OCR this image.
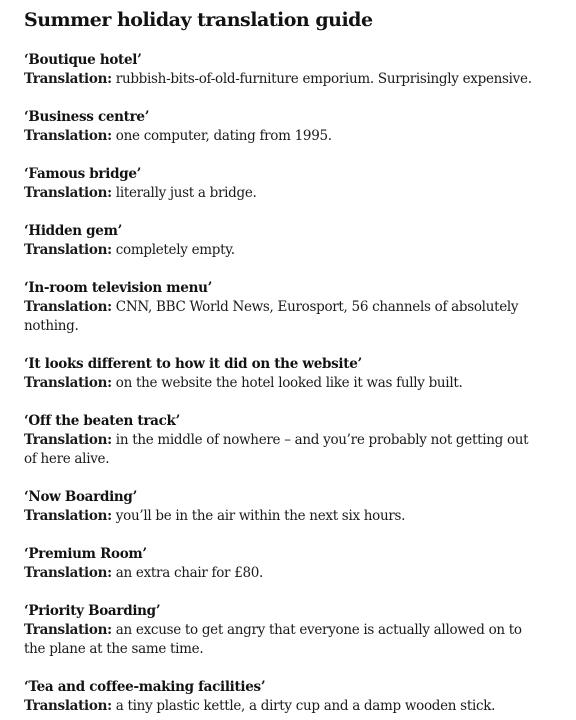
Summer holiday translation guide
‘Boutique hotel’
Translation: rubbish-bits-of-old-furniture emporium. Surprisingly expensive.
‘Business centre’
Translation: one computer, dating from 1995.
‘Famous bridge’
Translation: literally just a bridge.
‘Hidden gem’
Translation: completely empty.
‘In-room television menu’
Translation: CNN, BBC World News, Eurosport, 56 channels of absolutely nothing.
‘It looks different to how it did on the website’
Translation: on the website the hotel looked like it was fully built.
‘Off the beaten track’
Translation: in the middle of nowhere – and you’re probably not getting out of here alive.
‘Now Boarding’
Translation: you’ll be in the air within the next six hours.
‘Premium Room’
Translation: an extra chair for £80.
‘Priority Boarding’
Translation: an excuse to get angry that everyone is actually allowed on to the plane at the same time.
‘Tea and coffee-making facilities’
Translation: a tiny plastic kettle, a dirty cup and a damp wooden stick.
